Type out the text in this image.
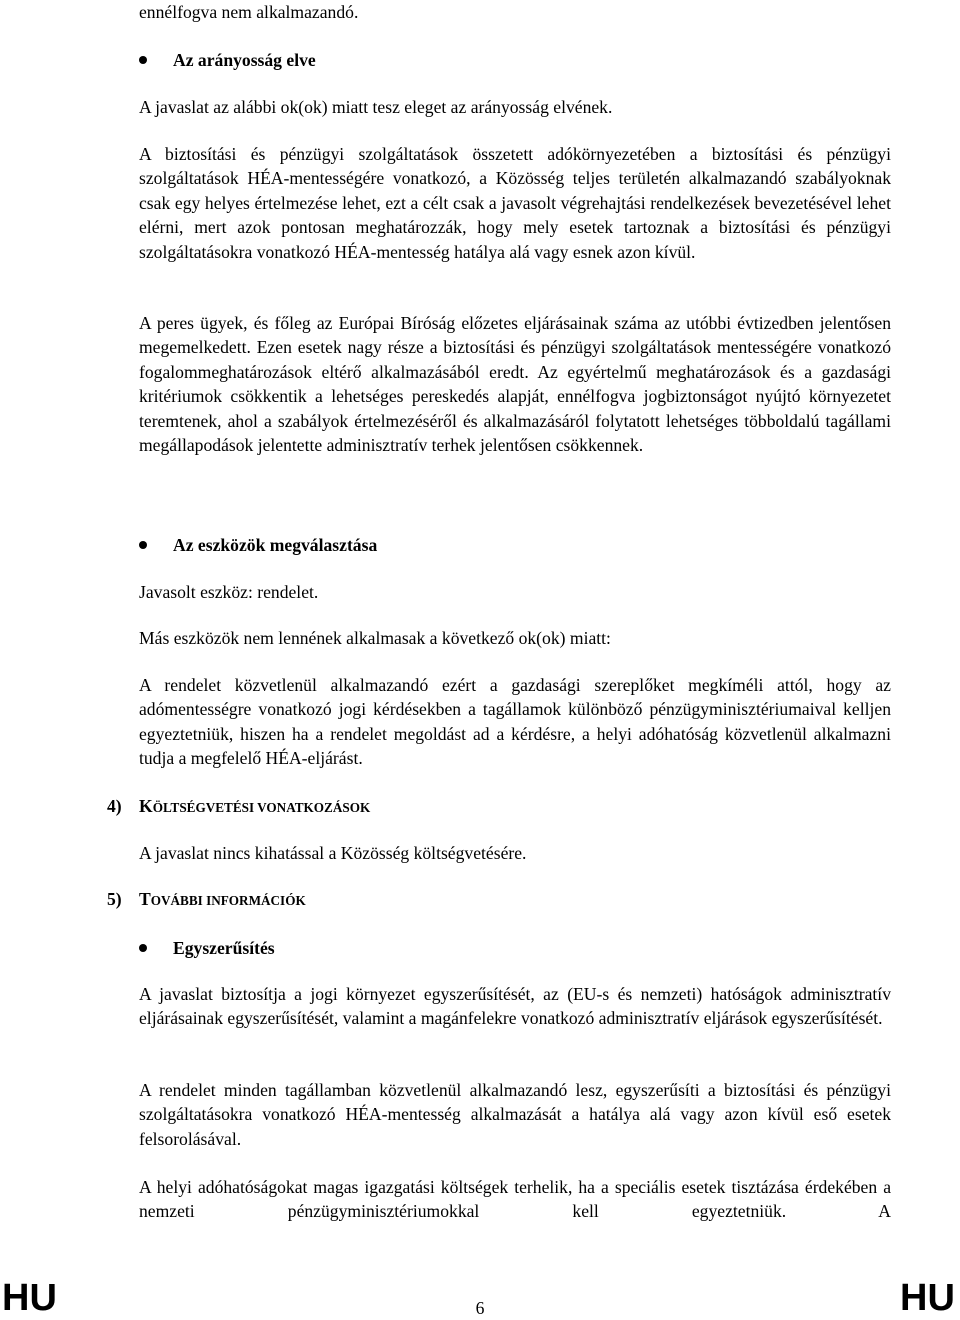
ennélfogva nem alkalmazandó.

Az arányosság elve

A javaslat az alábbi ok(ok) miatt tesz eleget az arányosság elvének.

A biztosítási és pénzügyi szolgáltatások összetett adókörnyezetében a biztosítási és pénzügyi szolgáltatások HÉA-mentességére vonatkozó, a Közösség teljes területén alkalmazandó szabályoknak csak egy helyes értelmezése lehet, ezt a célt csak a javasolt végrehajtási rendelkezések bevezetésével lehet elérni, mert azok pontosan meghatározzák, hogy mely esetek tartoznak a biztosítási és pénzügyi szolgáltatásokra vonatkozó HÉA-mentesség hatálya alá vagy esnek azon kívül.

A peres ügyek, és főleg az Európai Bíróság előzetes eljárásainak száma az utóbbi évtizedben jelentősen megemelkedett. Ezen esetek nagy része a biztosítási és pénzügyi szolgáltatások mentességére vonatkozó fogalommeghatározások eltérő alkalmazásából eredt. Az egyértelmű meghatározások és a gazdasági kritériumok csökkentik a lehetséges pereskedés alapját, ennélfogva jogbiztonságot nyújtó környezetet teremtenek, ahol a szabályok értelmezéséről és alkalmazásáról folytatott lehetséges többoldalú tagállami megállapodások jelentette adminisztratív terhek jelentősen csökkennek.

Az eszközök megválasztása

Javasolt eszköz: rendelet.

Más eszközök nem lennének alkalmasak a következő ok(ok) miatt:

A rendelet közvetlenül alkalmazandó ezért a gazdasági szereplőket megkíméli attól, hogy az adómentességre vonatkozó jogi kérdésekben a tagállamok különböző pénzügyminisztériumaival kelljen egyeztetniük, hiszen ha a rendelet megoldást ad a kérdésre, a helyi adóhatóság közvetlenül alkalmazni tudja a megfelelő HÉA-eljárást.

4) KÖLTSÉGVETÉSI VONATKOZÁSOK

A javaslat nincs kihatással a Közösség költségvetésére.

5) TOVÁBBI INFORMÁCIÓK
Egyszerűsítés

A javaslat biztosítja a jogi környezet egyszerűsítését, az (EU-s és nemzeti) hatóságok adminisztratív eljárásainak egyszerűsítését, valamint a magánfelekre vonatkozó adminisztratív eljárások egyszerűsítését.

A rendelet minden tagállamban közvetlenül alkalmazandó lesz, egyszerűsíti a biztosítási és pénzügyi szolgáltatásokra vonatkozó HÉA-mentesség alkalmazását a hatálya alá vagy azon kívül eső esetek felsorolásával.

A helyi adóhatóságokat magas igazgatási költségek terhelik, ha a speciális esetek tisztázása érdekében a nemzeti pénzügyminisztériumokkal kell egyeztetniük. A

HU	6	HU
